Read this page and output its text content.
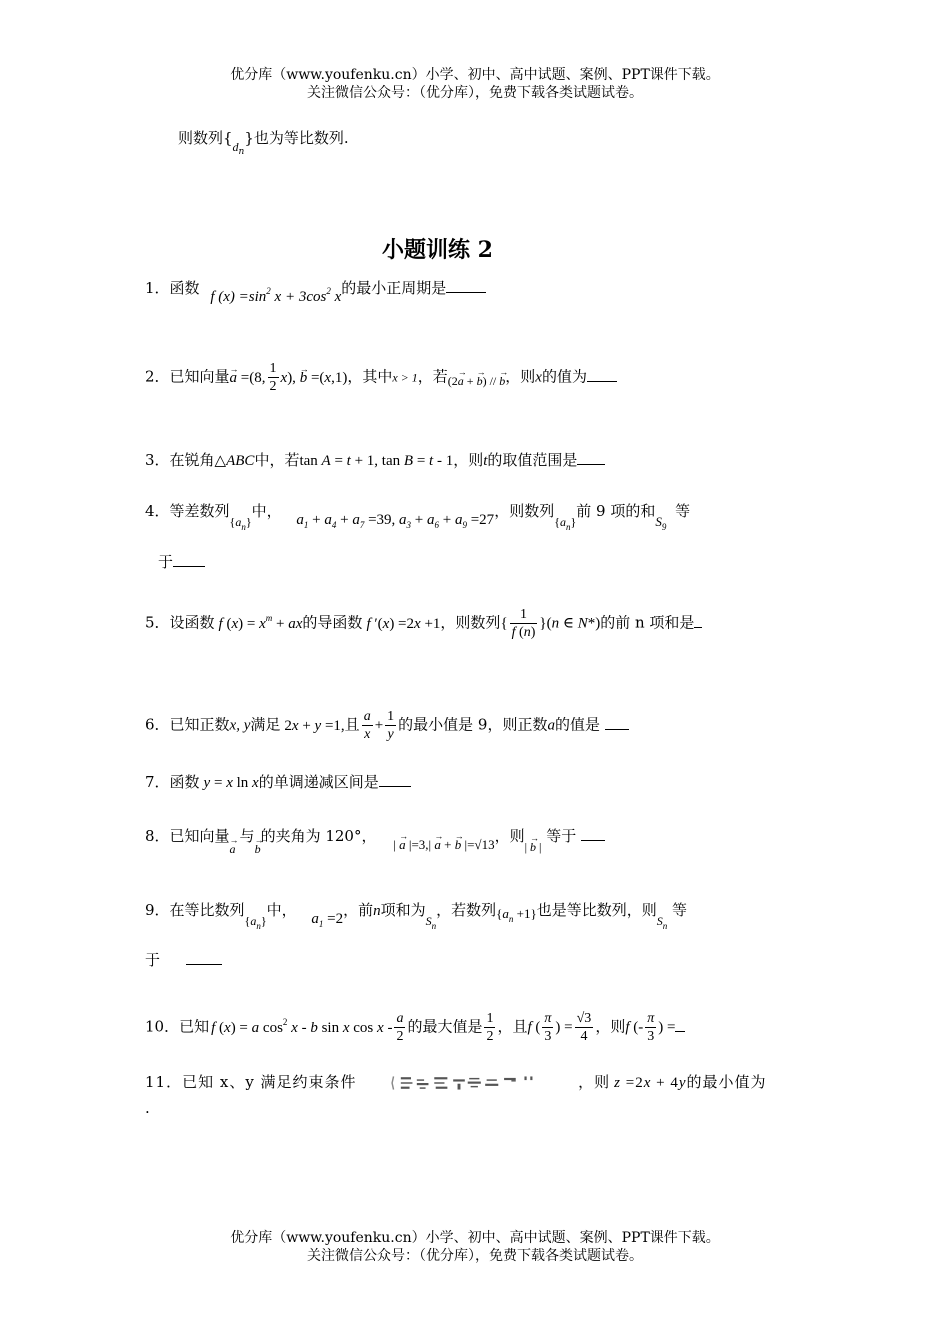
优分库（www.youfenku.cn）小学、初中、高中试题、案例、PPT课件下载。
关注微信公众号：（优分库），免费下载各类试题试卷。
则数列$\{_{dn}\}$也为等比数列.
小题训练 2
1．函数 f $(x) =\sin^2$ $x + 3\cos^2$ x的最小正周期是
2．已知向量→ a =(8, $\frac{1}{2} x$), → b =(x,1)，其中x > 1，若$_{(2\to a + \to b) // \to b}$，则x的值为
3．在锐角△ABC中，若tan A = t + 1, tan B = t - 1，则t的取值范围是
4．等差数列$_{\{a_n\}}$中， $a_1 + a_4 + a_7 =39$, $a_3 + a_6 + a_9 =27$，则数列$_{\{a_n\}}$前 9 项的和$S_9$ 等
于
5．设函数 f $(x) = x^m$ + ax的导函数 f ′(x) =2x +1，则数列{ $\frac{1}{f (n)} \}(n$ ∈ N*)的前 n 项和是
6．已知正数x, y满足 2x + y =1,且 $\frac{a}{x} + \frac{1}{y}$ 的最小值是 9，则正数a的值是
7．函数 y = x ln x的单调递减区间是
8．已知向量→ a与→ b的夹角为 120°， | → a |=3,| → a + → b |=√13，则$_{| \to b |}$ 等于
9．在等比数列$_{\{a_n\}}$中， $a_1 =2$，前n项和为$_{S_n}$，若数列$\{a_n +1\}$也是等比数列，则$_{S_n}$ 等
于
10．已知 f (x) = a $\cos^2 x$ - b sin x cos x - $\frac{a}{2}$ 的最大值是 $\frac{1}{2}$ ，且f ( $\frac{\pi}{3}$ ) = $\frac{√3}{4}$ ，则f (- $\frac{\pi}{3}$ ) =
11．已知 x、y 满足约束条件	，则 z =2x + 4y的最小值为
.
优分库（www.youfenku.cn）小学、初中、高中试题、案例、PPT课件下载。
关注微信公众号：（优分库），免费下载各类试题试卷。
